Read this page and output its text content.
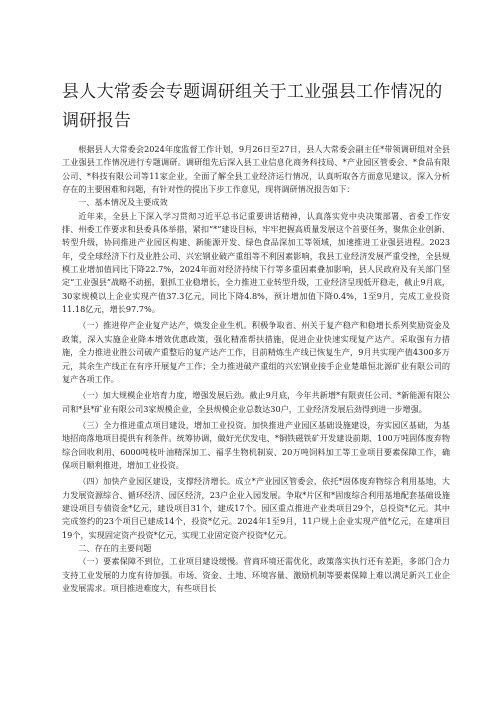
县人大常委会专题调研组关于工业强县工作情况的
调研报告

根据县人大常委会2024年度监督工作计划，9月26日至27日，县人大常委会副主任*带领调研组对全县工业强县工作情况进行专题调研。调研组先后深入县工业信息化商务科技局、*产业园区管委会、*食品有限公司、*科技有限公司等11家企业，全面了解全县工业经济运行情况，认真听取各方面意见建议，深入分析存在的主要困难和问题，有针对性的提出下步工作意见，现将调研情况报告如下：

一、基本情况及主要成效

近年来，全县上下深入学习贯彻习近平总书记重要讲话精神，认真落实党中央决策部署、省委工作安排、州委工作要求和县委具体举措，紧扣“*”建设目标，牢牢把握高质量发展这个首要任务，聚焦企业创新、转型升级，协同推进产业园区构建、新能源开发、绿色食品深加工等领域，加速推进工业强县进程。2023年，受全球经济下行及业胜公司、兴宏钢业破产重组等不利因素影响，我县工业经济发展严重受挫，全县规模工业增加值同比下降22.7%，2024年面对经济持续下行等多重因素叠加影响，县人民政府及有关部门坚定“工业强县”战略不动摇，狠抓工业稳增长，全力推进工业转型升级，工业经济呈现低开稳走，截止9月底，30家规模以上企业实现产值37.3亿元，同比下降4.8%，预计增加值下降0.4%，1至9月，完成工业投资11.18亿元，增长97.7%。

（一）推进停产企业复产达产，焕发企业生机。积极争取省、州关于复产稳产和稳增长系列奖励资金及政策，深入实施企业降本增效优惠政策，强化精准帮扶措施，促进企业快速实现复产达产。采取强有力措施，全力推进业胜公司破产重整后的复产达产工作，目前精炼生产线已恢复生产，9月共实现产值4300多万元，其余生产线正在有序开展复产工作；全力推进破产重组的兴宏钢业接手企业楚雄恒北源矿业有限公司的复产各项工作。

（一）加大规模企业培育力度，增强发展后劲。截止9月底，今年共新增*有限责任公司、*新能源有限公司和*县*矿业有限公司3家规模企业，全县规模企业总数达30户，工业经济发展后劲得到进一步增强。

（三）全力推进重点项目建设，增加工业投资。加快推进产业园区基础设施建设，夯实园区基础，为基地招商落地项目提供有利条件。统筹协调，做好光伏发电、*铜铁磁铁矿开发建设前期、100万吨固体废弃物综合回收利用、6000吨枝叶油精深加工、福孚生物机制炭、20万吨饲料加工等工业项目要素保障工作，确保项目顺利推进，增加工业投资。

（四）加快产业园区建设，支撑经济增长。成立*产业园区管委会，依托*固体废弃物综合利用基地，大力发展资源综合、循环经济、园区经济，23户企业入园发展。争取*片区和*固废综合利用基地配套基础设施建设项目专债资金*亿元，建设项目31个，建成17个。园区重点推进产业类项目29个，总投资*亿元。其中完成签约的23个项目已建成14个，投资*亿元。2024年1至9月，11户规上企业实现产值*亿元，在建项目19个，实现固定资产投资*亿元，实现工业固定资产投资*亿元。

二、存在的主要问题

（一）要素保障不到位，工业项目建设缓慢。营商环境还需优化，政策落实执行还有差距，多部门合力支持工业发展的力度有待加强。市场、资金、土地、环境容量、激励机制等要素保障上难以满足新兴工业企业发展需求。项目推进难度大，有些项目长
